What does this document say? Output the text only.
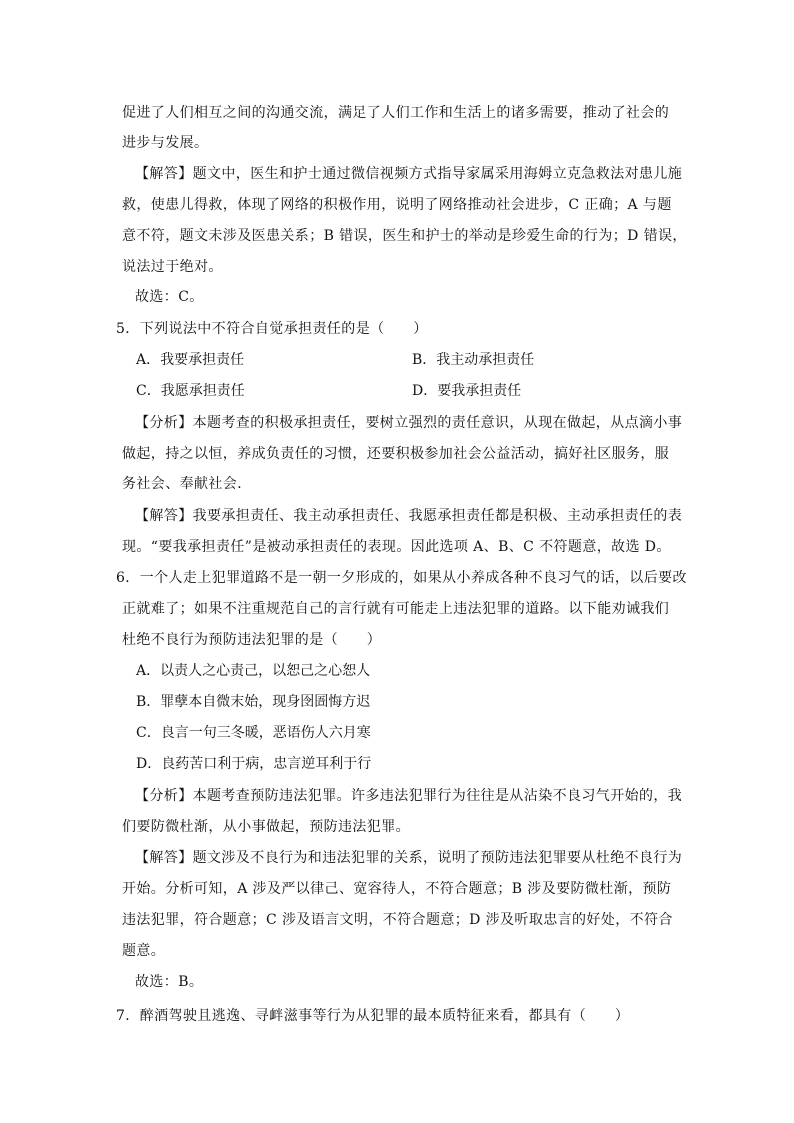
促进了人们相互之间的沟通交流，满足了人们工作和生活上的诸多需要，推动了社会的
进步与发展。
【解答】题文中，医生和护士通过微信视频方式指导家属采用海姆立克急救法对患儿施
救，使患儿得救，体现了网络的积极作用，说明了网络推动社会进步，C 正确；A 与题
意不符，题文未涉及医患关系；B 错误，医生和护士的举动是珍爱生命的行为；D 错误，
说法过于绝对。
故选：C。
5．下列说法中不符合自觉承担责任的是（　　）
A．我要承担责任	B．我主动承担责任
C．我愿承担责任	D．要我承担责任
【分析】本题考查的积极承担责任，要树立强烈的责任意识，从现在做起，从点滴小事
做起，持之以恒，养成负责任的习惯，还要积极参加社会公益活动，搞好社区服务，服
务社会、奉献社会．
【解答】我要承担责任、我主动承担责任、我愿承担责任都是积极、主动承担责任的表
现。“要我承担责任”是被动承担责任的表现。因此选项 A、B、C 不符题意，故选 D。
6．一个人走上犯罪道路不是一朝一夕形成的，如果从小养成各种不良习气的话，以后要改
正就难了；如果不注重规范自己的言行就有可能走上违法犯罪的道路。以下能劝诫我们
杜绝不良行为预防违法犯罪的是（　　）
A．以责人之心责己，以恕己之心恕人
B．罪孽本自微末始，现身囹圄悔方迟
C．良言一句三冬暖，恶语伤人六月寒
D．良药苦口利于病，忠言逆耳利于行
【分析】本题考查预防违法犯罪。许多违法犯罪行为往往是从沾染不良习气开始的，我
们要防微杜渐，从小事做起，预防违法犯罪。
【解答】题文涉及不良行为和违法犯罪的关系，说明了预防违法犯罪要从杜绝不良行为
开始。分析可知，A 涉及严以律己、宽容待人，不符合题意；B 涉及要防微杜渐，预防
违法犯罪，符合题意；C 涉及语言文明，不符合题意；D 涉及听取忠言的好处，不符合
题意。
故选：B。
7．醉酒驾驶且逃逸、寻衅滋事等行为从犯罪的最本质特征来看，都具有（　　）
